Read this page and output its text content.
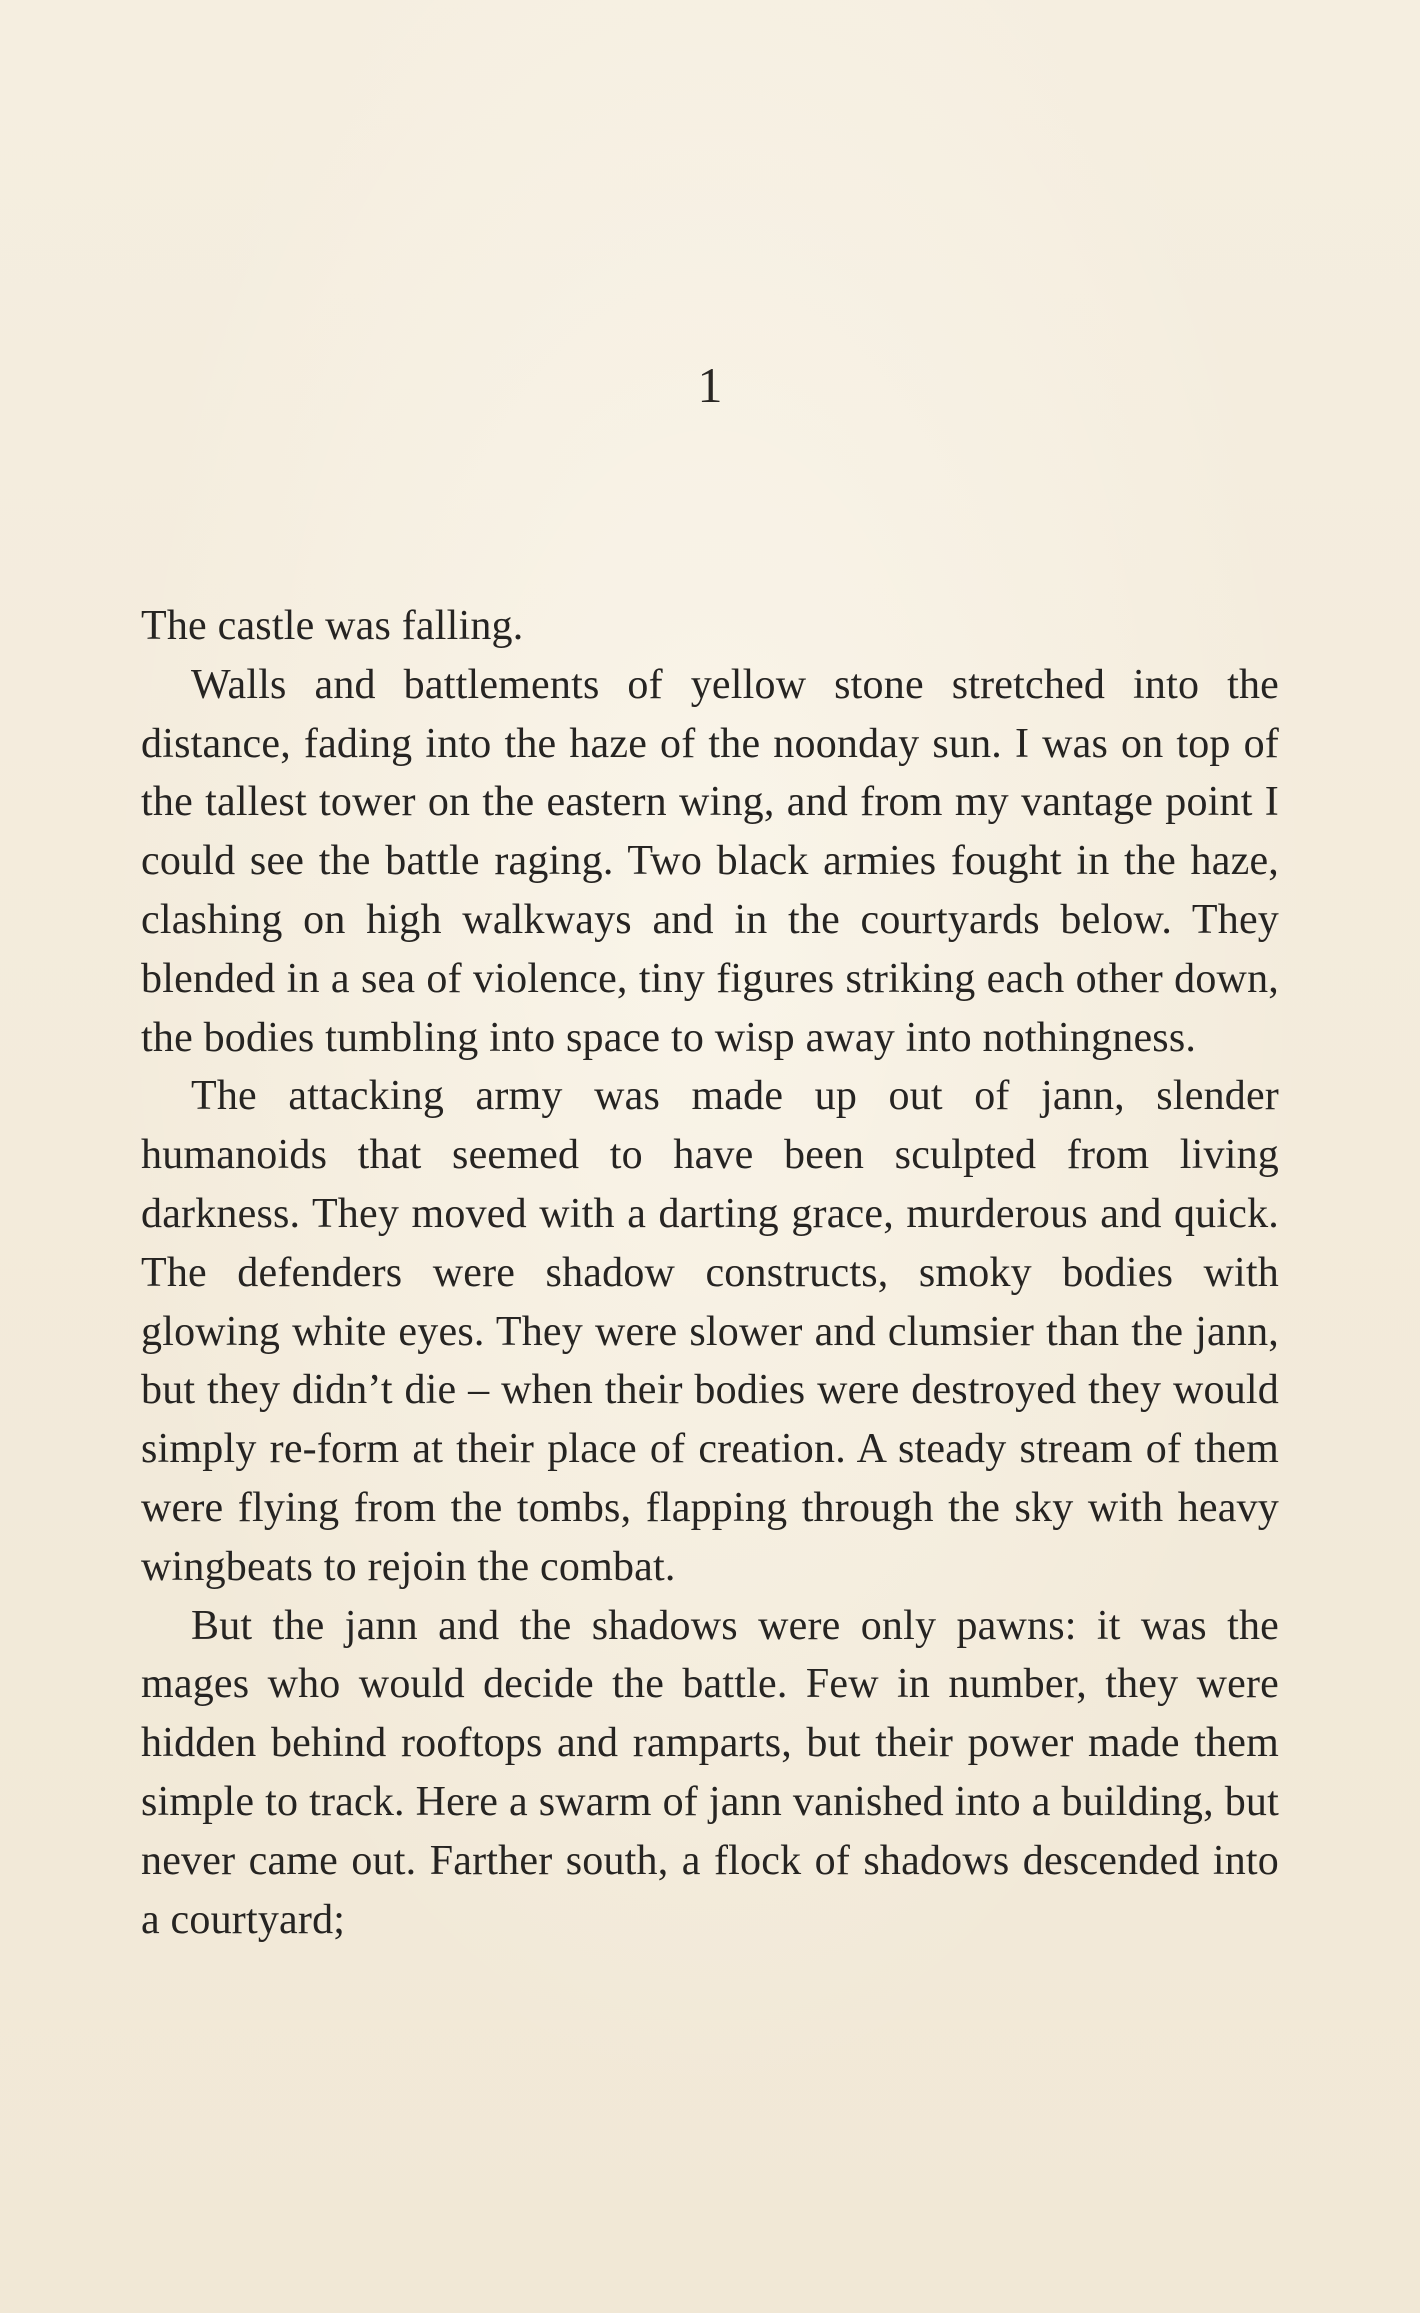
1

The castle was falling.

Walls and battlements of yellow stone stretched into the distance, fading into the haze of the noonday sun. I was on top of the tallest tower on the eastern wing, and from my vantage point I could see the battle raging. Two black armies fought in the haze, clashing on high walkways and in the courtyards below. They blended in a sea of violence, tiny figures striking each other down, the bodies tumbling into space to wisp away into nothingness.

The attacking army was made up out of jann, slender humanoids that seemed to have been sculpted from living darkness. They moved with a darting grace, murderous and quick. The defenders were shadow constructs, smoky bodies with glowing white eyes. They were slower and clumsier than the jann, but they didn’t die – when their bodies were destroyed they would simply re-form at their place of creation. A steady stream of them were flying from the tombs, flapping through the sky with heavy wingbeats to rejoin the combat.

But the jann and the shadows were only pawns: it was the mages who would decide the battle. Few in number, they were hidden behind rooftops and ramparts, but their power made them simple to track. Here a swarm of jann vanished into a building, but never came out. Farther south, a flock of shadows descended into a courtyard;
